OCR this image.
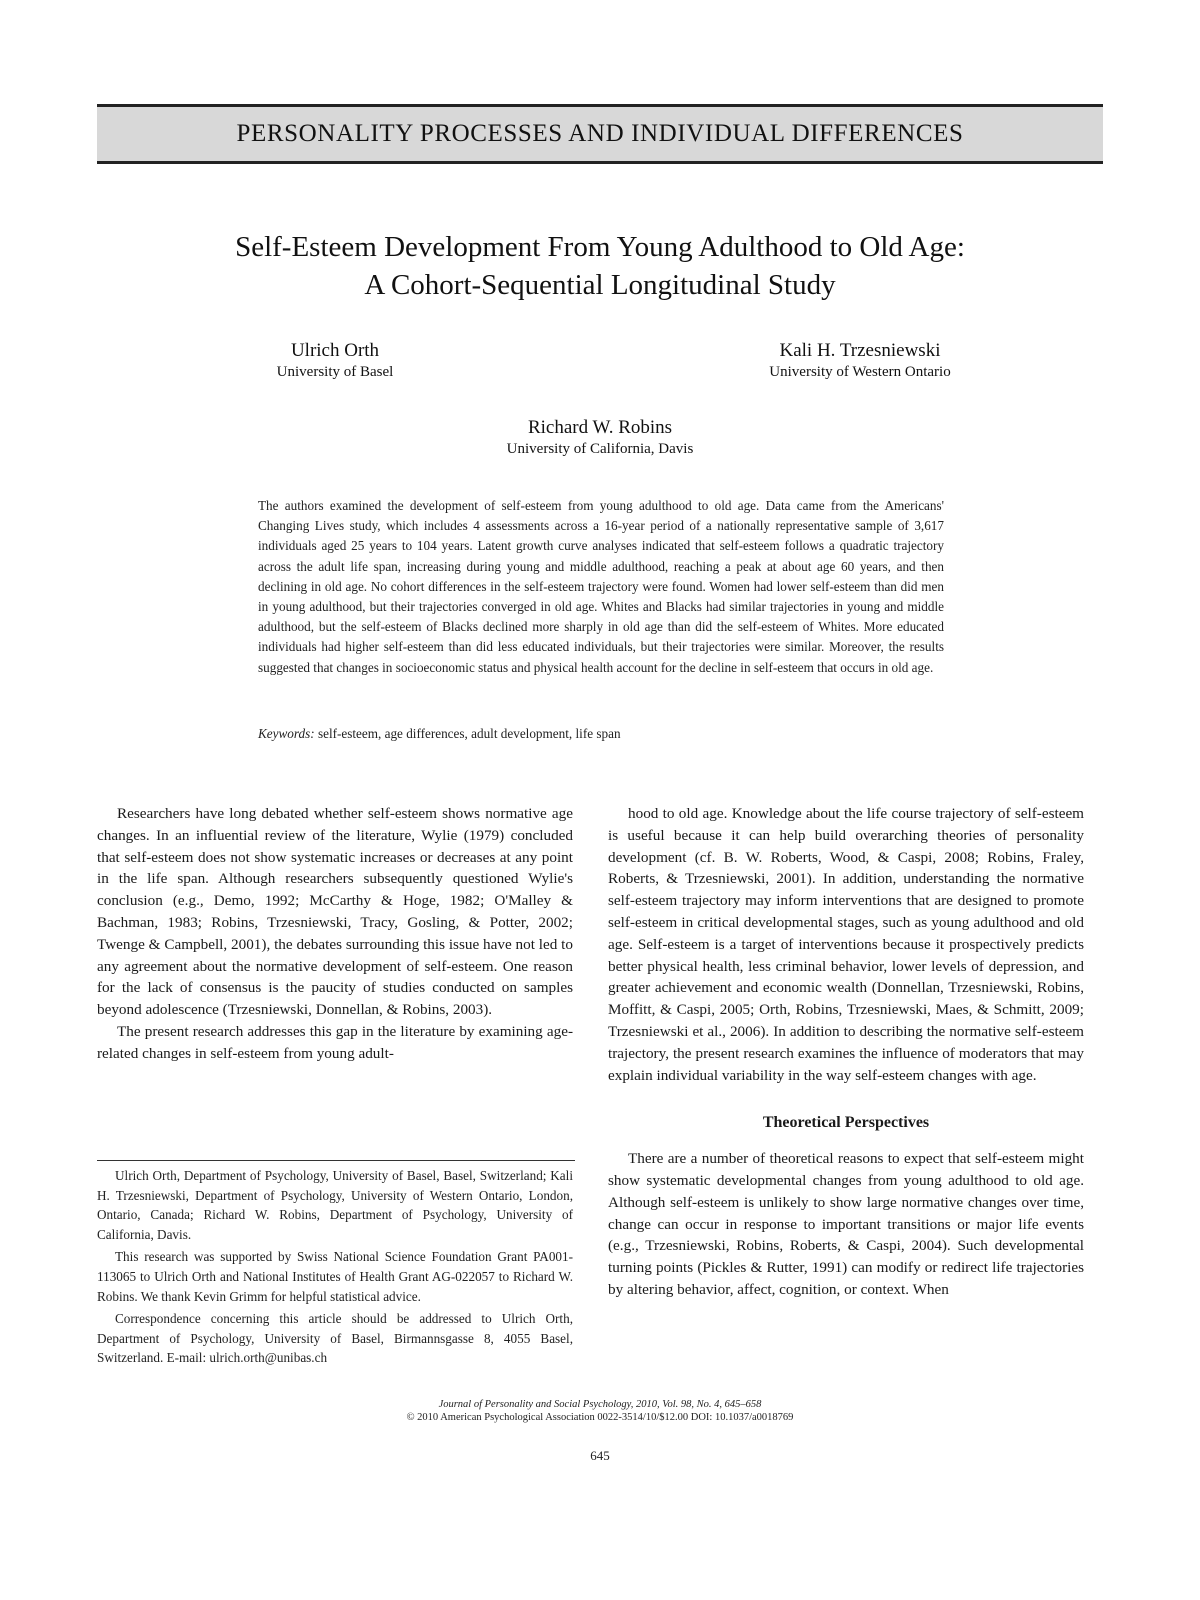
PERSONALITY PROCESSES AND INDIVIDUAL DIFFERENCES
Self-Esteem Development From Young Adulthood to Old Age:
A Cohort-Sequential Longitudinal Study
Ulrich Orth
University of Basel
Kali H. Trzesniewski
University of Western Ontario
Richard W. Robins
University of California, Davis
The authors examined the development of self-esteem from young adulthood to old age. Data came from the Americans' Changing Lives study, which includes 4 assessments across a 16-year period of a nationally representative sample of 3,617 individuals aged 25 years to 104 years. Latent growth curve analyses indicated that self-esteem follows a quadratic trajectory across the adult life span, increasing during young and middle adulthood, reaching a peak at about age 60 years, and then declining in old age. No cohort differences in the self-esteem trajectory were found. Women had lower self-esteem than did men in young adulthood, but their trajectories converged in old age. Whites and Blacks had similar trajectories in young and middle adulthood, but the self-esteem of Blacks declined more sharply in old age than did the self-esteem of Whites. More educated individuals had higher self-esteem than did less educated individuals, but their trajectories were similar. Moreover, the results suggested that changes in socioeconomic status and physical health account for the decline in self-esteem that occurs in old age.
Keywords: self-esteem, age differences, adult development, life span

Researchers have long debated whether self-esteem shows normative age changes. In an influential review of the literature, Wylie (1979) concluded that self-esteem does not show systematic increases or decreases at any point in the life span. Although researchers subsequently questioned Wylie's conclusion (e.g., Demo, 1992; McCarthy & Hoge, 1982; O'Malley & Bachman, 1983; Robins, Trzesniewski, Tracy, Gosling, & Potter, 2002; Twenge & Campbell, 2001), the debates surrounding this issue have not led to any agreement about the normative development of self-esteem. One reason for the lack of consensus is the paucity of studies conducted on samples beyond adolescence (Trzesniewski, Donnellan, & Robins, 2003).

The present research addresses this gap in the literature by examining age-related changes in self-esteem from young adult-

hood to old age. Knowledge about the life course trajectory of self-esteem is useful because it can help build overarching theories of personality development (cf. B. W. Roberts, Wood, & Caspi, 2008; Robins, Fraley, Roberts, & Trzesniewski, 2001). In addition, understanding the normative self-esteem trajectory may inform interventions that are designed to promote self-esteem in critical developmental stages, such as young adulthood and old age. Self-esteem is a target of interventions because it prospectively predicts better physical health, less criminal behavior, lower levels of depression, and greater achievement and economic wealth (Donnellan, Trzesniewski, Robins, Moffitt, & Caspi, 2005; Orth, Robins, Trzesniewski, Maes, & Schmitt, 2009; Trzesniewski et al., 2006). In addition to describing the normative self-esteem trajectory, the present research examines the influence of moderators that may explain individual variability in the way self-esteem changes with age.

Theoretical Perspectives

There are a number of theoretical reasons to expect that self-esteem might show systematic developmental changes from young adulthood to old age. Although self-esteem is unlikely to show large normative changes over time, change can occur in response to important transitions or major life events (e.g., Trzesniewski, Robins, Roberts, & Caspi, 2004). Such developmental turning points (Pickles & Rutter, 1991) can modify or redirect life trajectories by altering behavior, affect, cognition, or context. When

Ulrich Orth, Department of Psychology, University of Basel, Basel, Switzerland; Kali H. Trzesniewski, Department of Psychology, University of Western Ontario, London, Ontario, Canada; Richard W. Robins, Department of Psychology, University of California, Davis.

This research was supported by Swiss National Science Foundation Grant PA001-113065 to Ulrich Orth and National Institutes of Health Grant AG-022057 to Richard W. Robins. We thank Kevin Grimm for helpful statistical advice.

Correspondence concerning this article should be addressed to Ulrich Orth, Department of Psychology, University of Basel, Birmannsgasse 8, 4055 Basel, Switzerland. E-mail: ulrich.orth@unibas.ch

Journal of Personality and Social Psychology, 2010, Vol. 98, No. 4, 645–658
© 2010 American Psychological Association 0022-3514/10/$12.00 DOI: 10.1037/a0018769
645
